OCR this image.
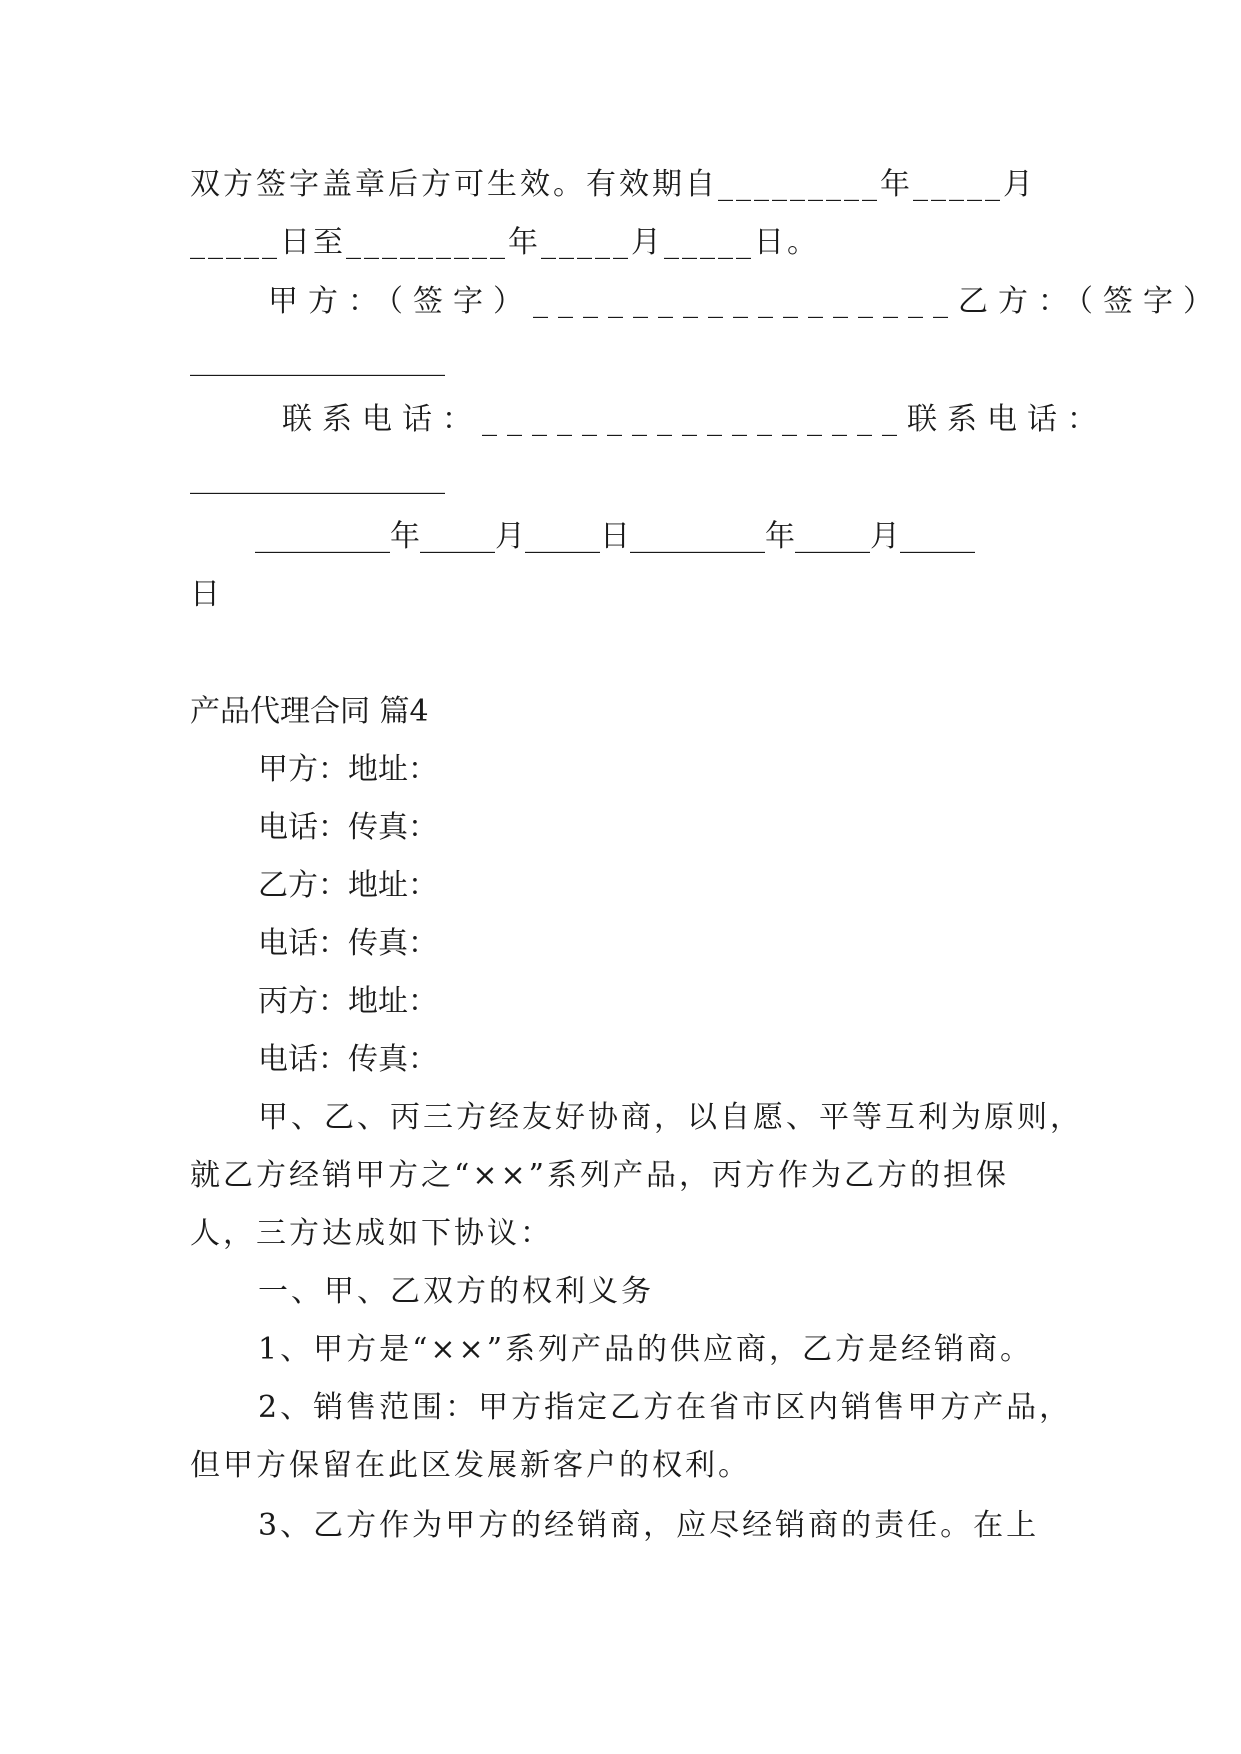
双方签字盖章后方可生效。有效期自_________年_____月
_____日至_________年_____月_____日。
甲方：（签字）_________________乙方：（签字）
_________________
联系电话：_________________联系电话：
_________________
_________年_____月_____日_________年_____月_____
日
产品代理合同 篇4
甲方：地址：
电话：传真：
乙方：地址：
电话：传真：
丙方：地址：
电话：传真：
甲、乙、丙三方经友好协商，以自愿、平等互利为原则，
就乙方经销甲方之“××”系列产品，丙方作为乙方的担保
人，三方达成如下协议：
一、甲、乙双方的权利义务
1、甲方是“××”系列产品的供应商，乙方是经销商。
2、销售范围：甲方指定乙方在省市区内销售甲方产品，
但甲方保留在此区发展新客户的权利。
3、乙方作为甲方的经销商，应尽经销商的责任。在上
